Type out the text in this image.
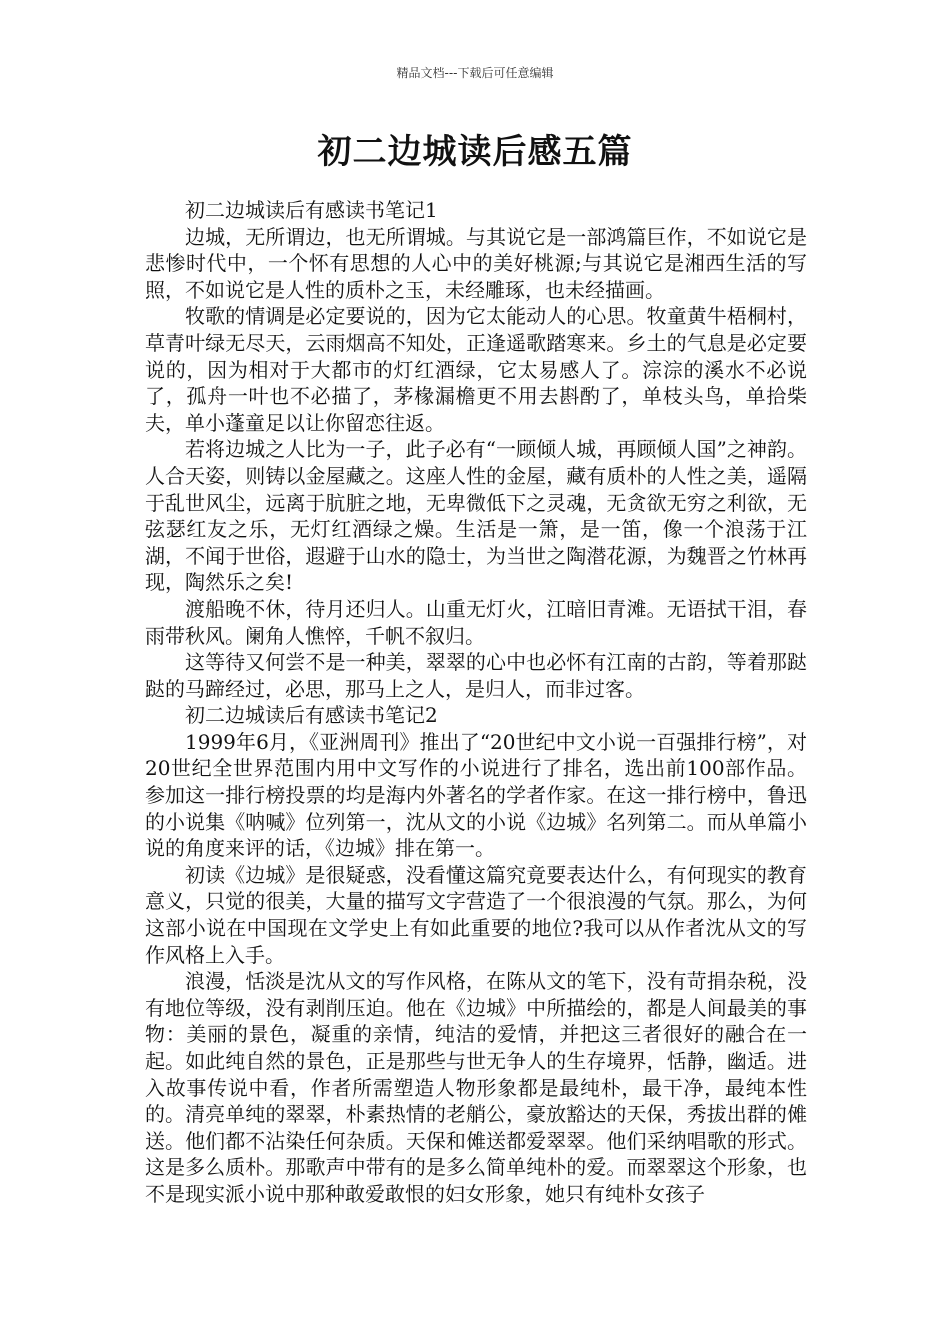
精品文档---下载后可任意编辑
初二边城读后感五篇

初二边城读后有感读书笔记1

边城，无所谓边，也无所谓城。与其说它是一部鸿篇巨作，不如说它是悲惨时代中，一个怀有思想的人心中的美好桃源;与其说它是湘西生活的写照，不如说它是人性的质朴之玉，未经雕琢，也未经描画。

牧歌的情调是必定要说的，因为它太能动人的心思。牧童黄牛梧桐村，草青叶绿无尽天，云雨烟高不知处，正逢遥歌踏寒来。乡土的气息是必定要说的，因为相对于大都市的灯红酒绿，它太易感人了。淙淙的溪水不必说了，孤舟一叶也不必描了，茅椽漏檐更不用去斟酌了，单枝头鸟，单拾柴夫，单小蓬童足以让你留恋往返。

若将边城之人比为一子，此子必有“一顾倾人城，再顾倾人国”之神韵。人合天姿，则铸以金屋藏之。这座人性的金屋，藏有质朴的人性之美，遥隔于乱世风尘，远离于肮脏之地，无卑微低下之灵魂，无贪欲无穷之利欲，无弦瑟红友之乐，无灯红酒绿之燥。生活是一箫，是一笛，像一个浪荡于江湖，不闻于世俗，遐避于山水的隐士，为当世之陶潜花源，为魏晋之竹林再现，陶然乐之矣!

渡船晚不休，待月还归人。山重无灯火，江暗旧青滩。无语拭干泪，春雨带秋风。阑角人憔悴，千帆不叙归。

这等待又何尝不是一种美，翠翠的心中也必怀有江南的古韵，等着那跶跶的马蹄经过，必思，那马上之人，是归人，而非过客。

初二边城读后有感读书笔记2

1999年6月，《亚洲周刊》推出了“20世纪中文小说一百强排行榜”，对20世纪全世界范围内用中文写作的小说进行了排名，选出前100部作品。参加这一排行榜投票的均是海内外著名的学者作家。在这一排行榜中，鲁迅的小说集《呐喊》位列第一，沈从文的小说《边城》名列第二。而从单篇小说的角度来评的话，《边城》排在第一。

初读《边城》是很疑惑，没看懂这篇究竟要表达什么，有何现实的教育意义，只觉的很美，大量的描写文字营造了一个很浪漫的气氛。那么，为何这部小说在中国现在文学史上有如此重要的地位?我可以从作者沈从文的写作风格上入手。

浪漫，恬淡是沈从文的写作风格，在陈从文的笔下，没有苛捐杂税，没有地位等级，没有剥削压迫。他在《边城》中所描绘的，都是人间最美的事物：美丽的景色，凝重的亲情，纯洁的爱情，并把这三者很好的融合在一起。如此纯自然的景色，正是那些与世无争人的生存境界，恬静，幽适。进入故事传说中看，作者所需塑造人物形象都是最纯朴，最干净，最纯本性的。清亮单纯的翠翠，朴素热情的老艄公，豪放豁达的天保，秀拔出群的傩送。他们都不沾染任何杂质。天保和傩送都爱翠翠。他们采纳唱歌的形式。这是多么质朴。那歌声中带有的是多么简单纯朴的爱。而翠翠这个形象，也不是现实派小说中那种敢爱敢恨的妇女形象，她只有纯朴女孩子
